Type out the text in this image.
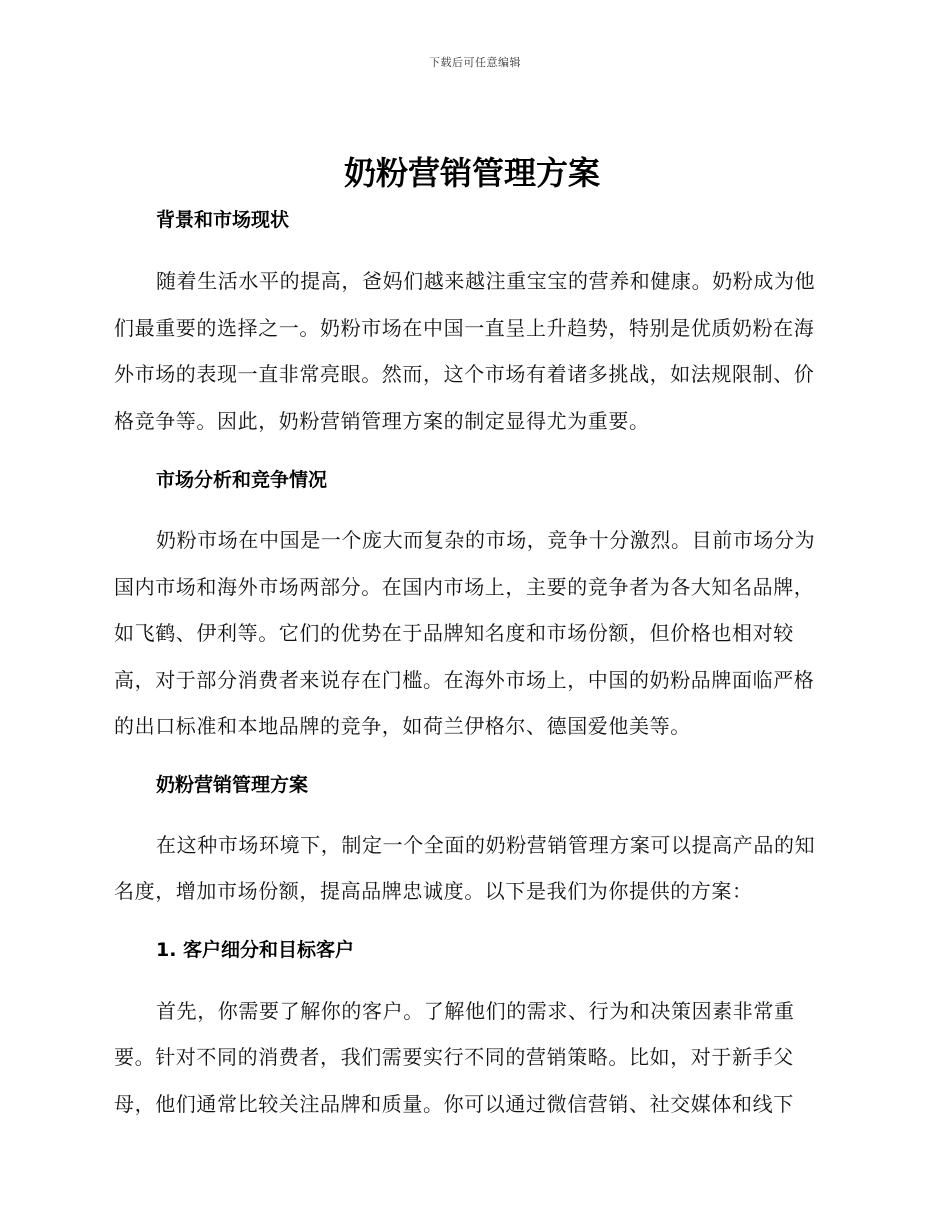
下载后可任意编辑
奶粉营销管理方案
背景和市场现状

随着生活水平的提高，爸妈们越来越注重宝宝的营养和健康。奶粉成为他们最重要的选择之一。奶粉市场在中国一直呈上升趋势，特别是优质奶粉在海外市场的表现一直非常亮眼。然而，这个市场有着诸多挑战，如法规限制、价格竞争等。因此，奶粉营销管理方案的制定显得尤为重要。

市场分析和竞争情况

奶粉市场在中国是一个庞大而复杂的市场，竞争十分激烈。目前市场分为国内市场和海外市场两部分。在国内市场上，主要的竞争者为各大知名品牌，如飞鹤、伊利等。它们的优势在于品牌知名度和市场份额，但价格也相对较高，对于部分消费者来说存在门槛。在海外市场上，中国的奶粉品牌面临严格的出口标准和本地品牌的竞争，如荷兰伊格尔、德国爱他美等。

奶粉营销管理方案

在这种市场环境下，制定一个全面的奶粉营销管理方案可以提高产品的知名度，增加市场份额，提高品牌忠诚度。以下是我们为你提供的方案：

1. 客户细分和目标客户

首先，你需要了解你的客户。了解他们的需求、行为和决策因素非常重要。针对不同的消费者，我们需要实行不同的营销策略。比如，对于新手父母，他们通常比较关注品牌和质量。你可以通过微信营销、社交媒体和线下
